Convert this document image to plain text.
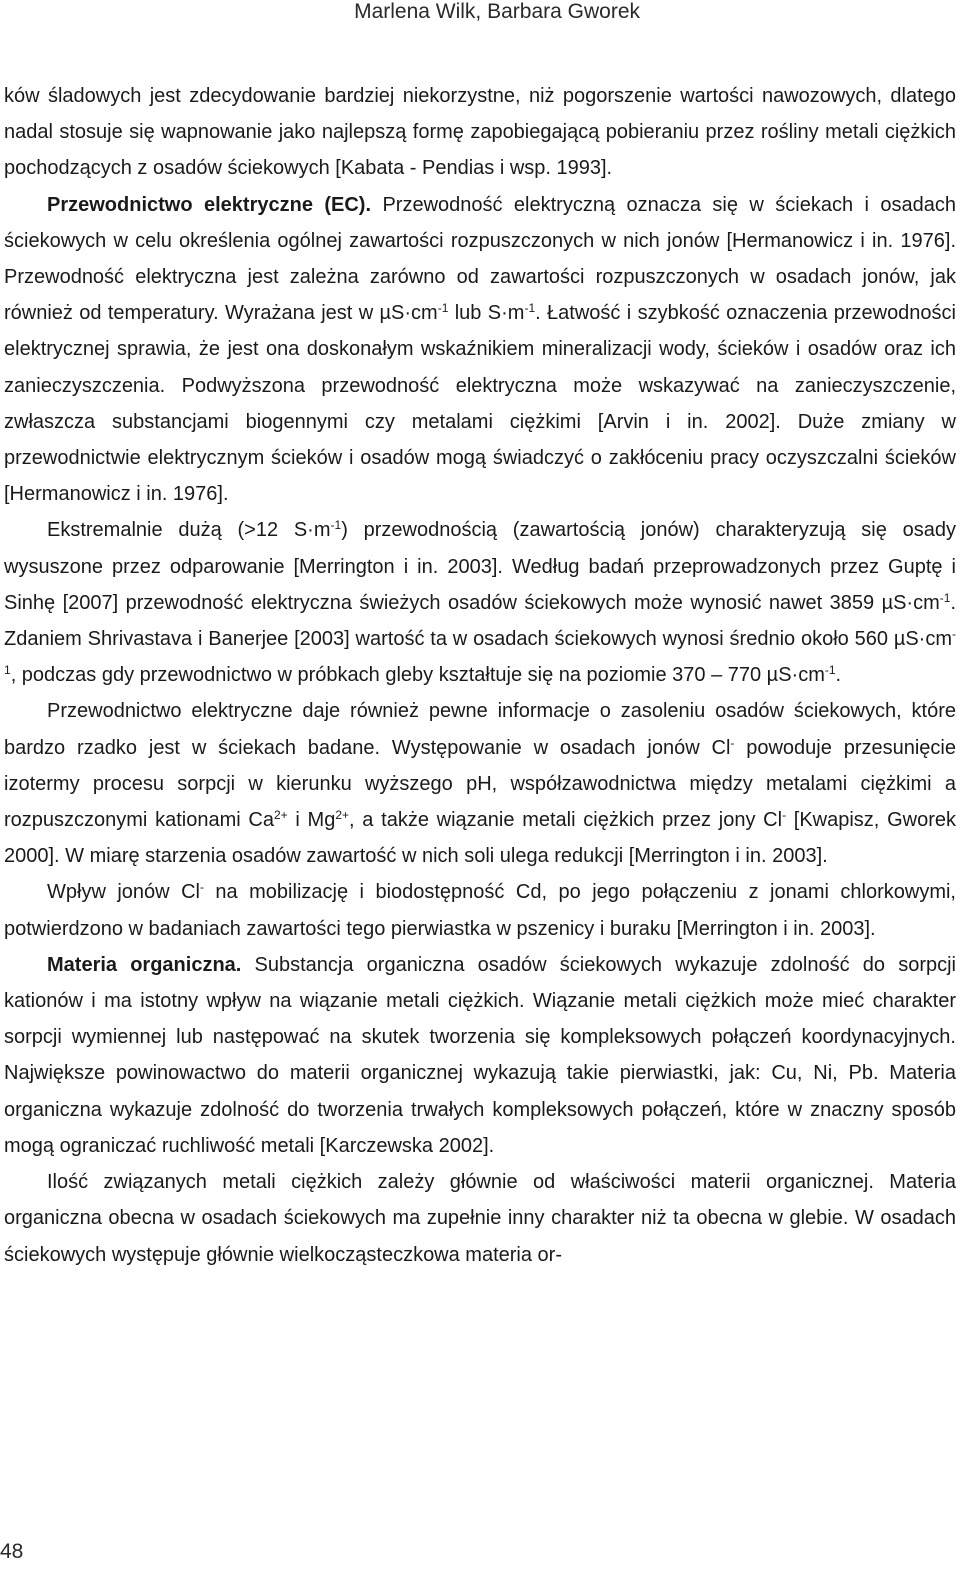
Marlena Wilk, Barbara Gworek

ków śladowych jest zdecydowanie bardziej niekorzystne, niż pogorszenie wartości nawozowych, dlatego nadal stosuje się wapnowanie jako najlepszą formę zapobiegającą pobieraniu przez rośliny metali ciężkich pochodzących z osadów ściekowych [Kabata - Pendias i wsp. 1993].

Przewodnictwo elektryczne (EC). Przewodność elektryczną oznacza się w ściekach i osadach ściekowych w celu określenia ogólnej zawartości rozpuszczonych w nich jonów [Hermanowicz i in. 1976]. Przewodność elektryczna jest zależna zarówno od zawartości rozpuszczonych w osadach jonów, jak również od temperatury. Wyrażana jest w $\mu S\cdot cm^{-1}$ lub $S\cdot m^{-1}$. Łatwość i szybkość oznaczenia przewodności elektrycznej sprawia, że jest ona doskonałym wskaźnikiem mineralizacji wody, ścieków i osadów oraz ich zanieczyszczenia. Podwyższona przewodność elektryczna może wskazywać na zanieczyszczenie, zwłaszcza substancjami biogennymi czy metalami ciężkimi [Arvin i in. 2002]. Duże zmiany w przewodnictwie elektrycznym ścieków i osadów mogą świadczyć o zakłóceniu pracy oczyszczalni ścieków [Hermanowicz i in. 1976].

Ekstremalnie dużą (>12 $S\cdot m^{-1}$) przewodnością (zawartością jonów) charakteryzują się osady wysuszone przez odparowanie [Merrington i in. 2003]. Według badań przeprowadzonych przez Guptę i Sinhę [2007] przewodność elektryczna świeżych osadów ściekowych może wynosić nawet 3859 $\mu S\cdot cm^{-1}$. Zdaniem Shrivastava i Banerjee [2003] wartość ta w osadach ściekowych wynosi średnio około 560 $\mu S\cdot cm^{-1}$, podczas gdy przewodnictwo w próbkach gleby kształtuje się na poziomie 370 – 770 $\mu S\cdot cm^{-1}$.

Przewodnictwo elektryczne daje również pewne informacje o zasoleniu osadów ściekowych, które bardzo rzadko jest w ściekach badane. Występowanie w osadach jonów Cl- powoduje przesunięcie izotermy procesu sorpcji w kierunku wyższego pH, współzawodnictwa między metalami ciężkimi a rozpuszczonymi kationami $Ca^{2+}$ i $Mg^{2+}$, a także wiązanie metali ciężkich przez jony Cl- [Kwapisz, Gworek 2000]. W miarę starzenia osadów zawartość w nich soli ulega redukcji [Merrington i in. 2003].

Wpływ jonów Cl- na mobilizację i biodostępność Cd, po jego połączeniu z jonami chlorkowymi, potwierdzono w badaniach zawartości tego pierwiastka w pszenicy i buraku [Merrington i in. 2003].

Materia organiczna. Substancja organiczna osadów ściekowych wykazuje zdolność do sorpcji kationów i ma istotny wpływ na wiązanie metali ciężkich. Wiązanie metali ciężkich może mieć charakter sorpcji wymiennej lub następować na skutek tworzenia się kompleksowych połączeń koordynacyjnych. Największe powinowactwo do materii organicznej wykazują takie pierwiastki, jak: Cu, Ni, Pb. Materia organiczna wykazuje zdolność do tworzenia trwałych kompleksowych połączeń, które w znaczny sposób mogą ograniczać ruchliwość metali [Karczewska 2002].

Ilość związanych metali ciężkich zależy głównie od właściwości materii organicznej. Materia organiczna obecna w osadach ściekowych ma zupełnie inny charakter niż ta obecna w glebie. W osadach ściekowych występuje głównie wielkocząsteczkowa materia or-

48
